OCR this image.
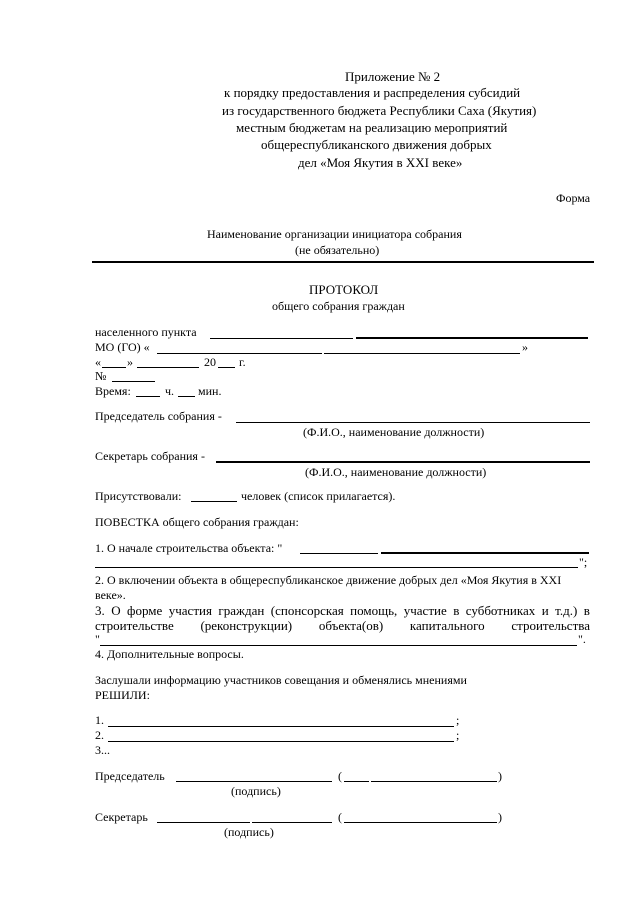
Приложение № 2

к порядку предоставления и распределения субсидий

из государственного бюджета Республики Саха (Якутия)

местным бюджетам на реализацию мероприятий

общереспубликанского движения добрых

дел «Моя Якутия в XXI веке»

Форма

Наименование организации инициатора собрания

(не обязательно)

ПРОТОКОЛ

общего собрания граждан

населенного пункта

МО (ГО) «	»

« »	20 г.

№

Время:	ч. мин.

Председатель собрания -

(Ф.И.О., наименование должности)

Секретарь собрания -

(Ф.И.О., наименование должности)

Присутствовали:	человек (список прилагается).

ПОВЕСТКА общего собрания граждан:

1. О начале строительства объекта: "

";

2. О включении объекта в общереспубликанское движение добрых дел «Моя Якутия в XXI

веке».

3. О форме участия граждан (спонсорская помощь, участие в субботниках и т.д.) в
строительстве (реконструкции) объекта(ов) капитального строительства

"	".

4. Дополнительные вопросы.

Заслушали информацию участников совещания и обменялись мнениями

РЕШИЛИ:

1.	;

2.	;

3...

Председатель	(	)

(подпись)

Секретарь	(	)

(подпись)
